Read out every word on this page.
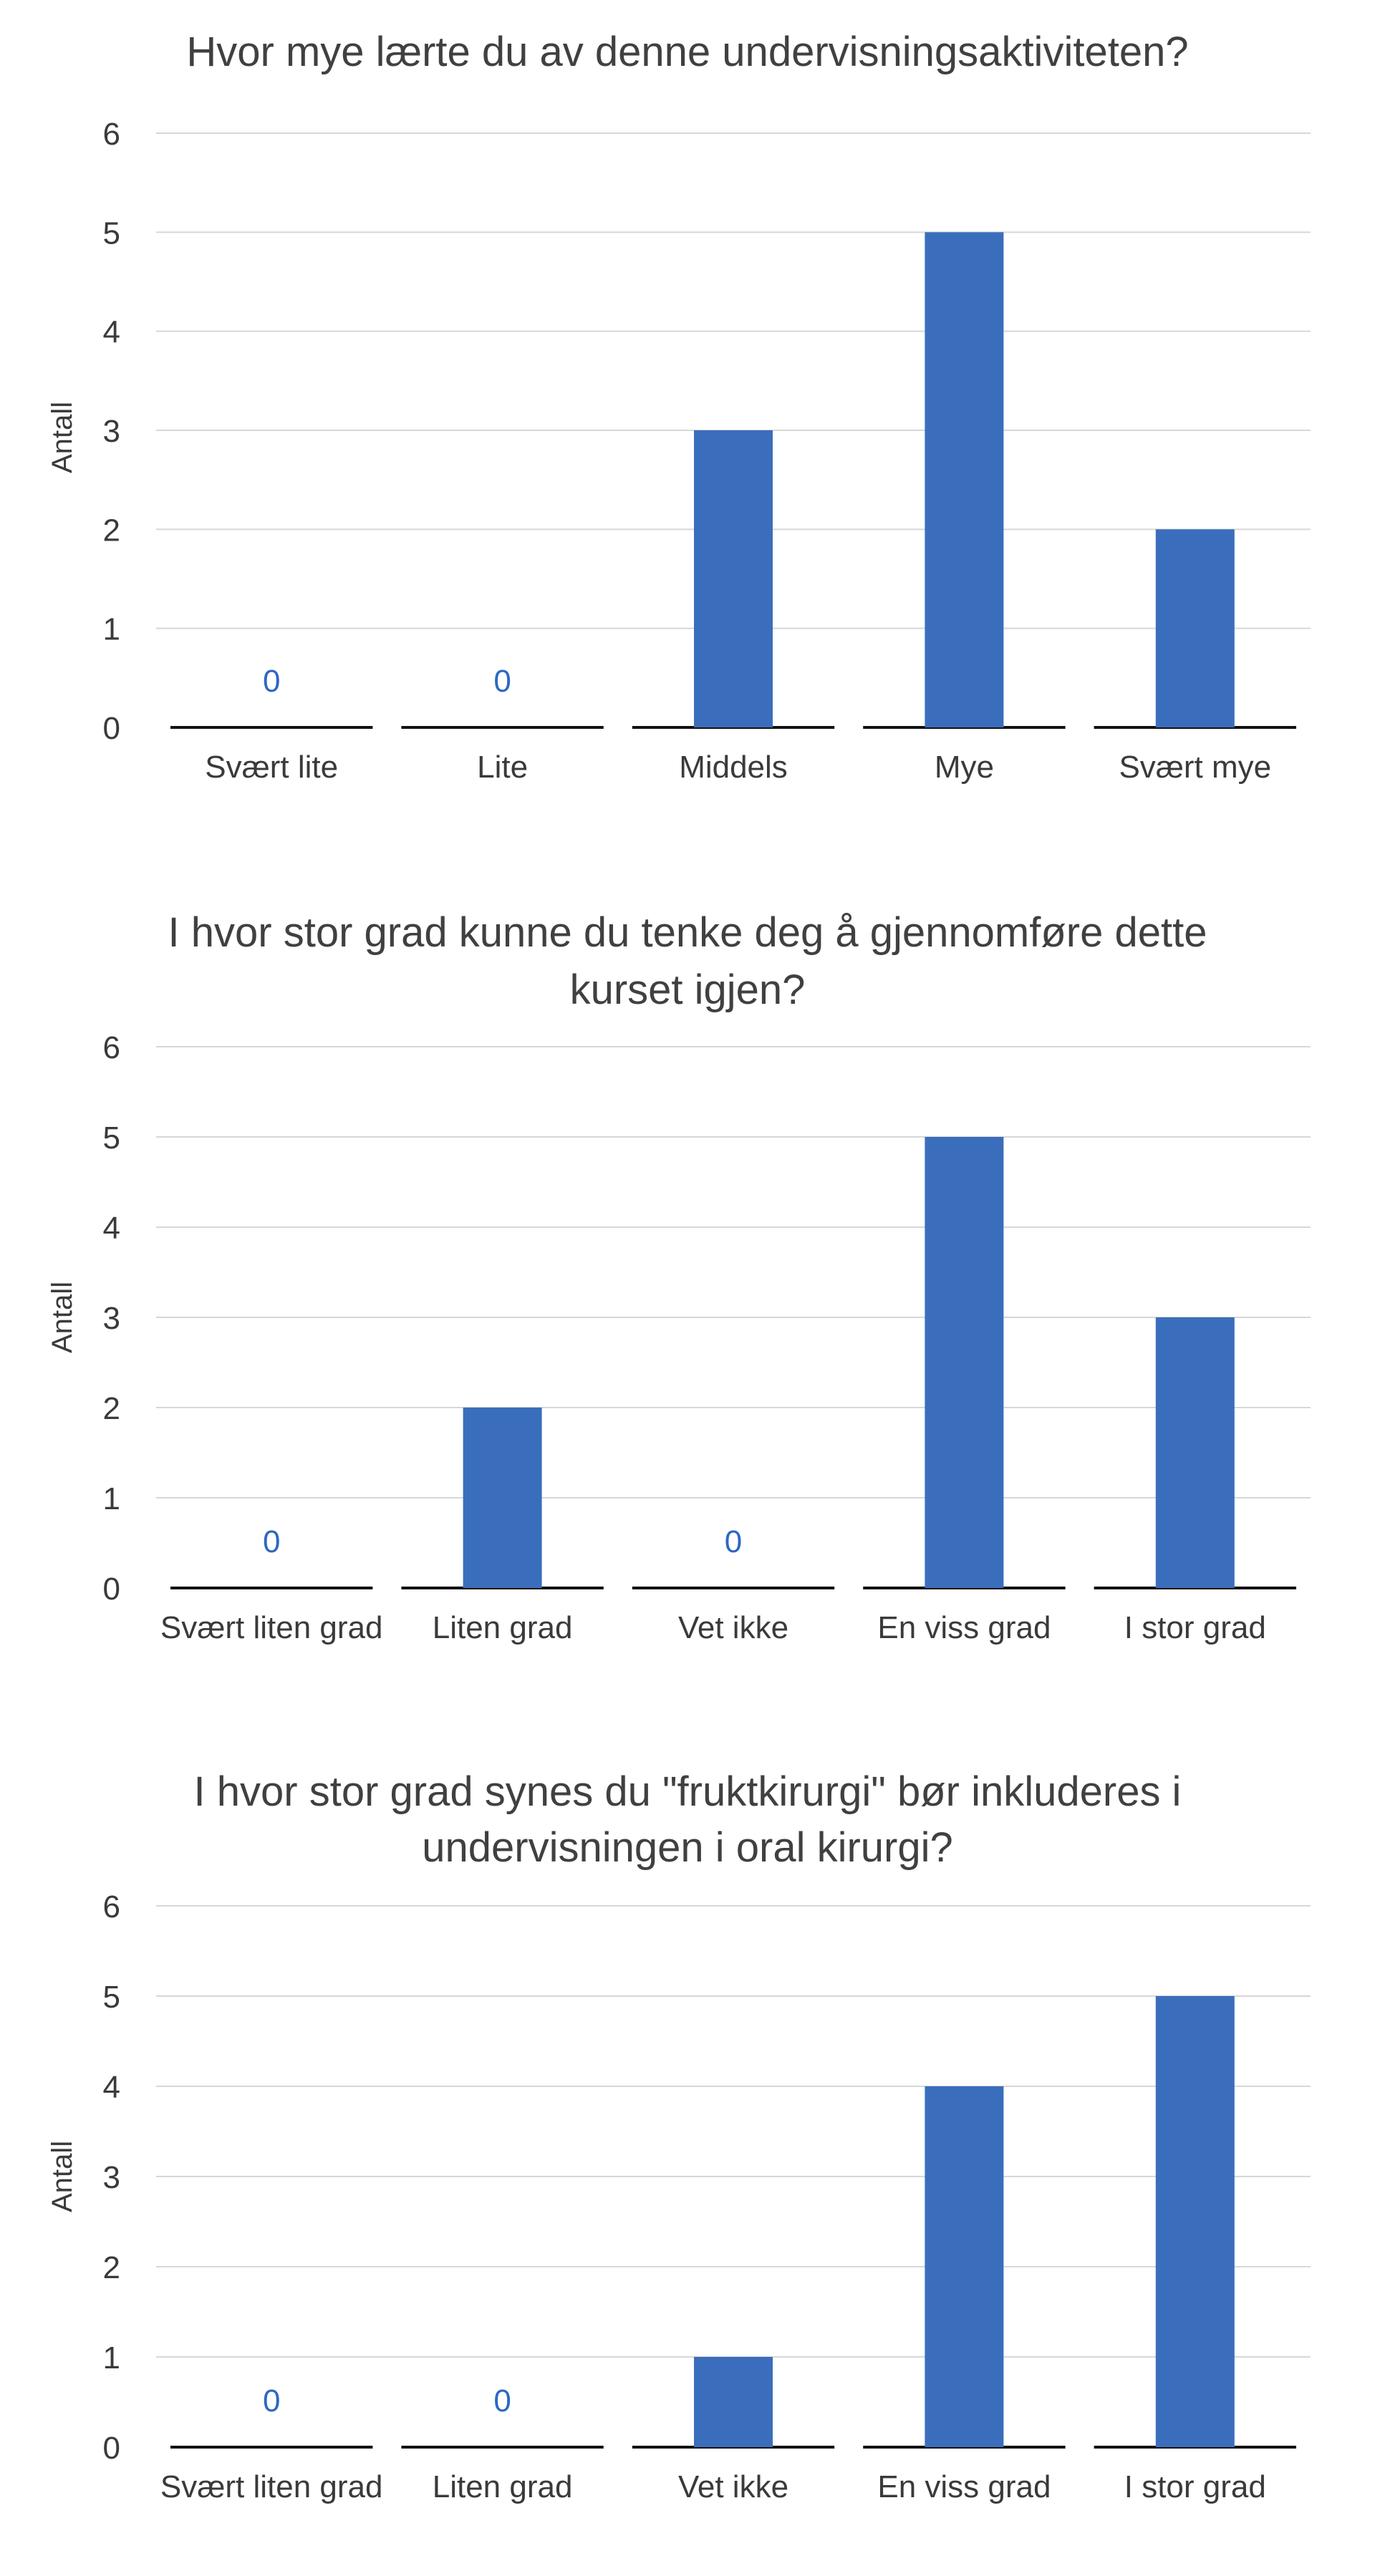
Hvor mye lærte du av denne undervisningsaktiviteten?
0
1
2
3
4
5
6
Antall
0
Svært lite
0
Lite	Middels	Mye	Svært mye
I hvor stor grad kunne du tenke deg å gjennomføre dette
kurset igjen?
0
1
2
3
4
5
6
Antall
0
Svært liten grad Liten grad
0
Vet ikke	En viss grad I stor grad
I hvor stor grad synes du "fruktkirurgi" bør inkluderes i
undervisningen i oral kirurgi?
0
1
2
3
4
5
6
Antall
0
Svært liten grad
0
Liten grad	Vet ikke	En viss grad I stor grad
